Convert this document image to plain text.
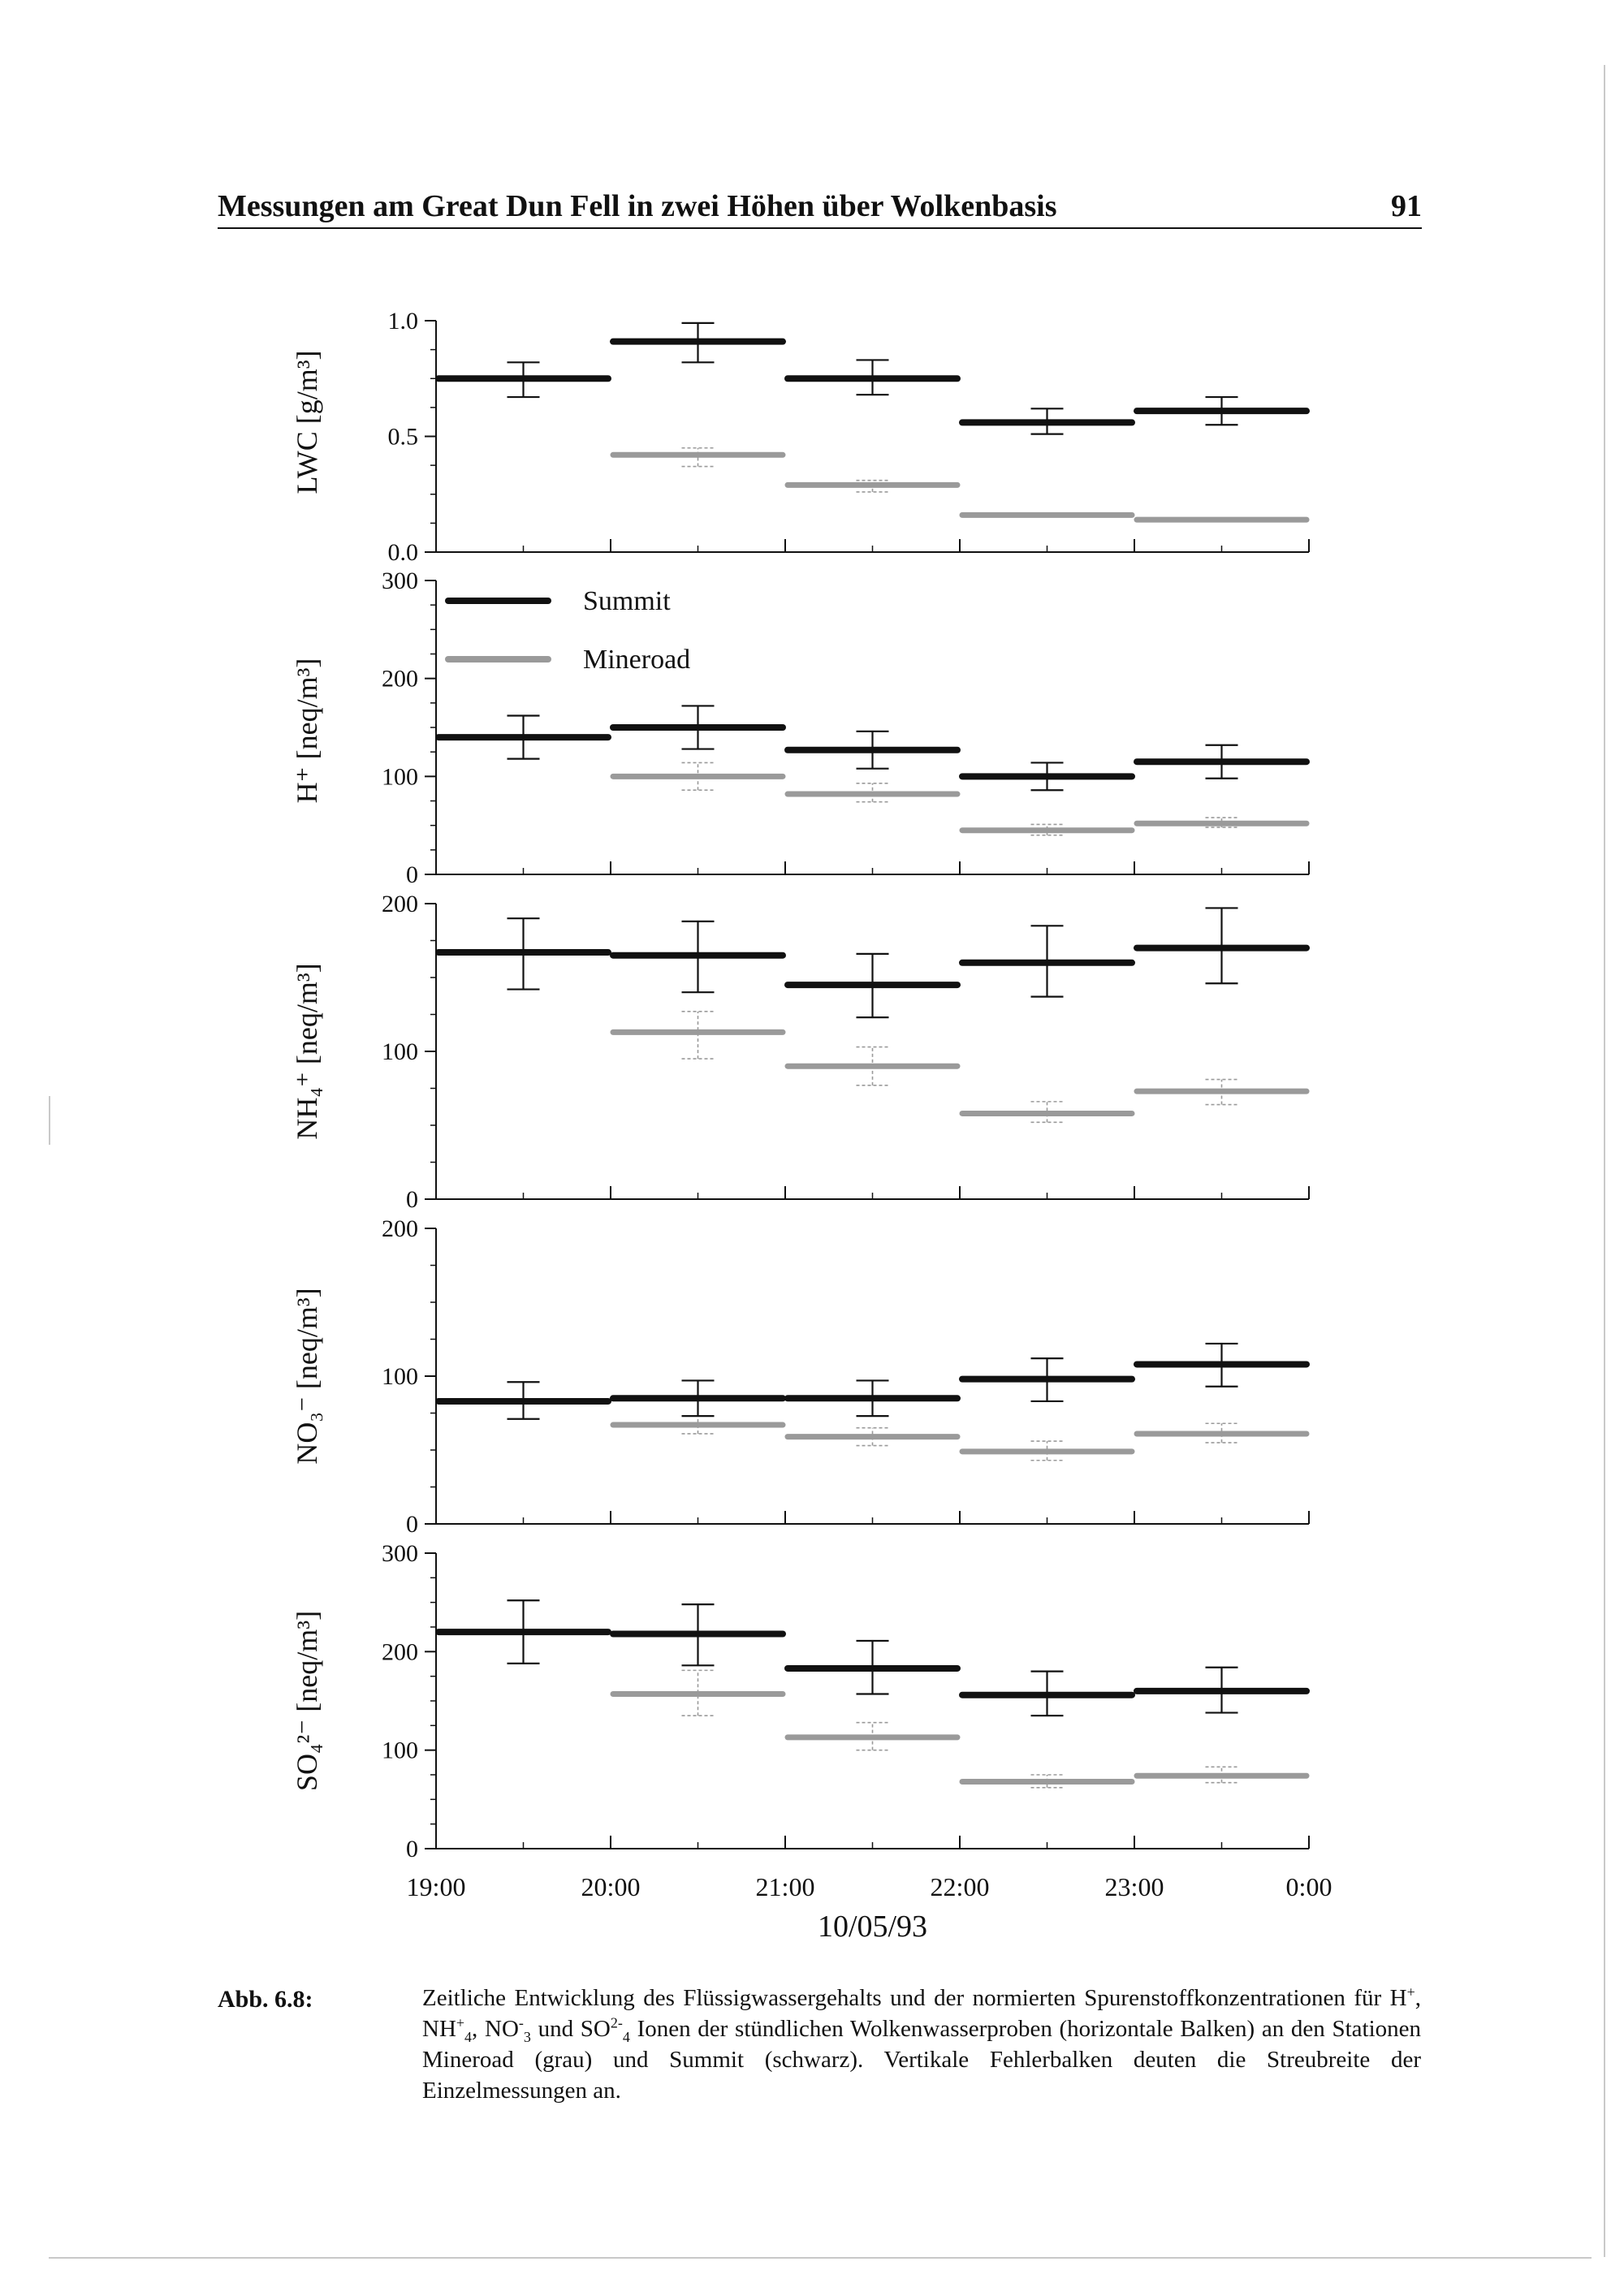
Messungen am Great Dun Fell in zwei Höhen über Wolkenbasis	91
0.0
0.5
1.0
LWC [g/m³]
0
100
200
300
H⁺ [neq/m³]
Summit
Mineroad
0
100
200
NH₄⁺ [neq/m³]
0
100
200
NO₃⁻ [neq/m³]
0
100
200
300
SO₄²⁻ [neq/m³]
19:00	20:00	21:00	22:00	23:00	0:00
10/05/93
Abb. 6.8:	Zeitliche Entwicklung des Flüssigwassergehalts und der normierten Spurenstoffkonzentrationen für H+, $NH^+_4$, $NO^-_3$ und $SO^{2-}_4$ Ionen der stündlichen Wolkenwasserproben (horizontale Balken) an den Stationen Mineroad (grau) und Summit (schwarz). Vertikale Fehlerbalken deuten die Streubreite der Einzelmessungen an.
